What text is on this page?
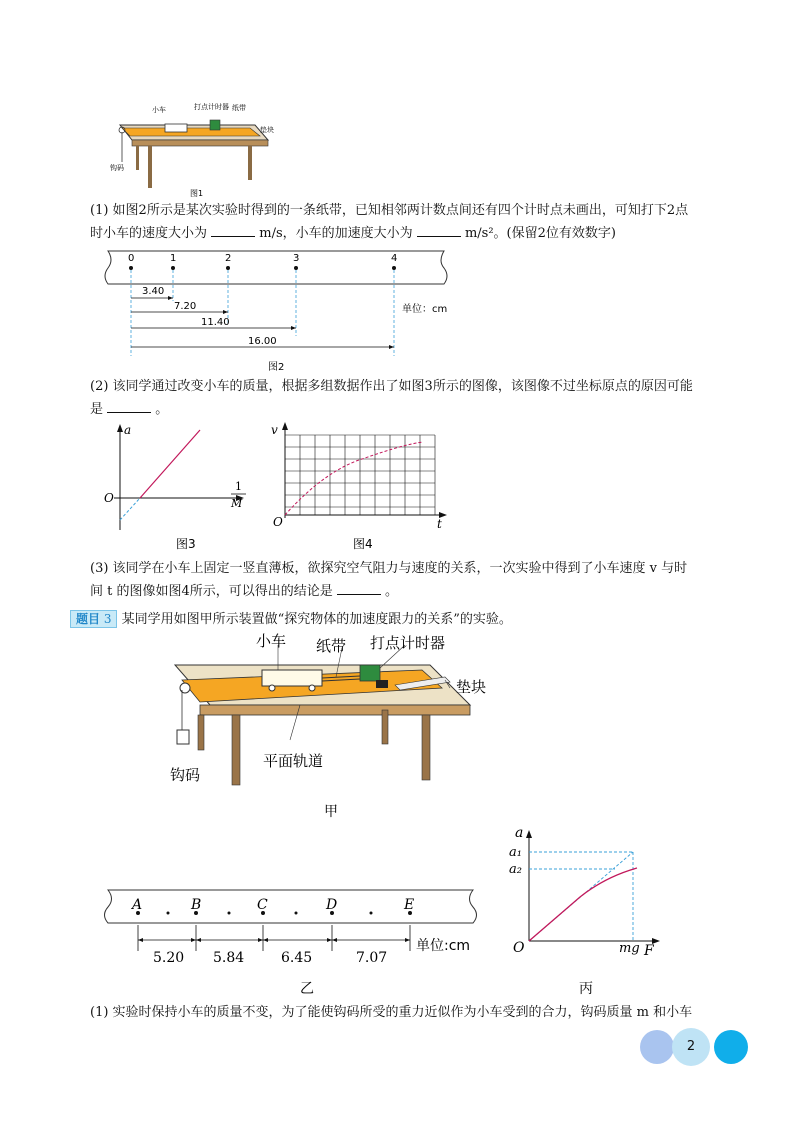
小车	打点计时器 纸带
垫块
钩码
图1
(1) 如图2所示是某次实验时得到的一条纸带，已知相邻两计数点间还有四个计时点未画出，可知打下2点
时小车的速度大小为	m/s，小车的加速度大小为	m/s²。(保留2位有效数字)
0	1	2	3	4
3.40
7.20
11.40
16.00
单位：cm
图2
(2) 该同学通过改变小车的质量，根据多组数据作出了如图3所示的图像，该图像不过坐标原点的原因可能
是	。
a
O
1
M
图3
v
O	t
图4
(3) 该同学在小车上固定一竖直薄板，欲探究空气阻力与速度的关系，一次实验中得到了小车速度 v 与时
间 t 的图像如图4所示，可以得出的结论是	。
题目 3 某同学用如图甲所示装置做“探究物体的加速度跟力的关系”的实验。
小车 纸带 打点计时器
垫块
平面轨道
钩码
甲
A	B	C	D	E
5.20 5.84	6.45	7.07
单位:cm
乙
a
a₁
a₂
O	mg F
丙
(1) 实验时保持小车的质量不变，为了能使钩码所受的重力近似作为小车受到的合力，钩码质量 m 和小车
2
